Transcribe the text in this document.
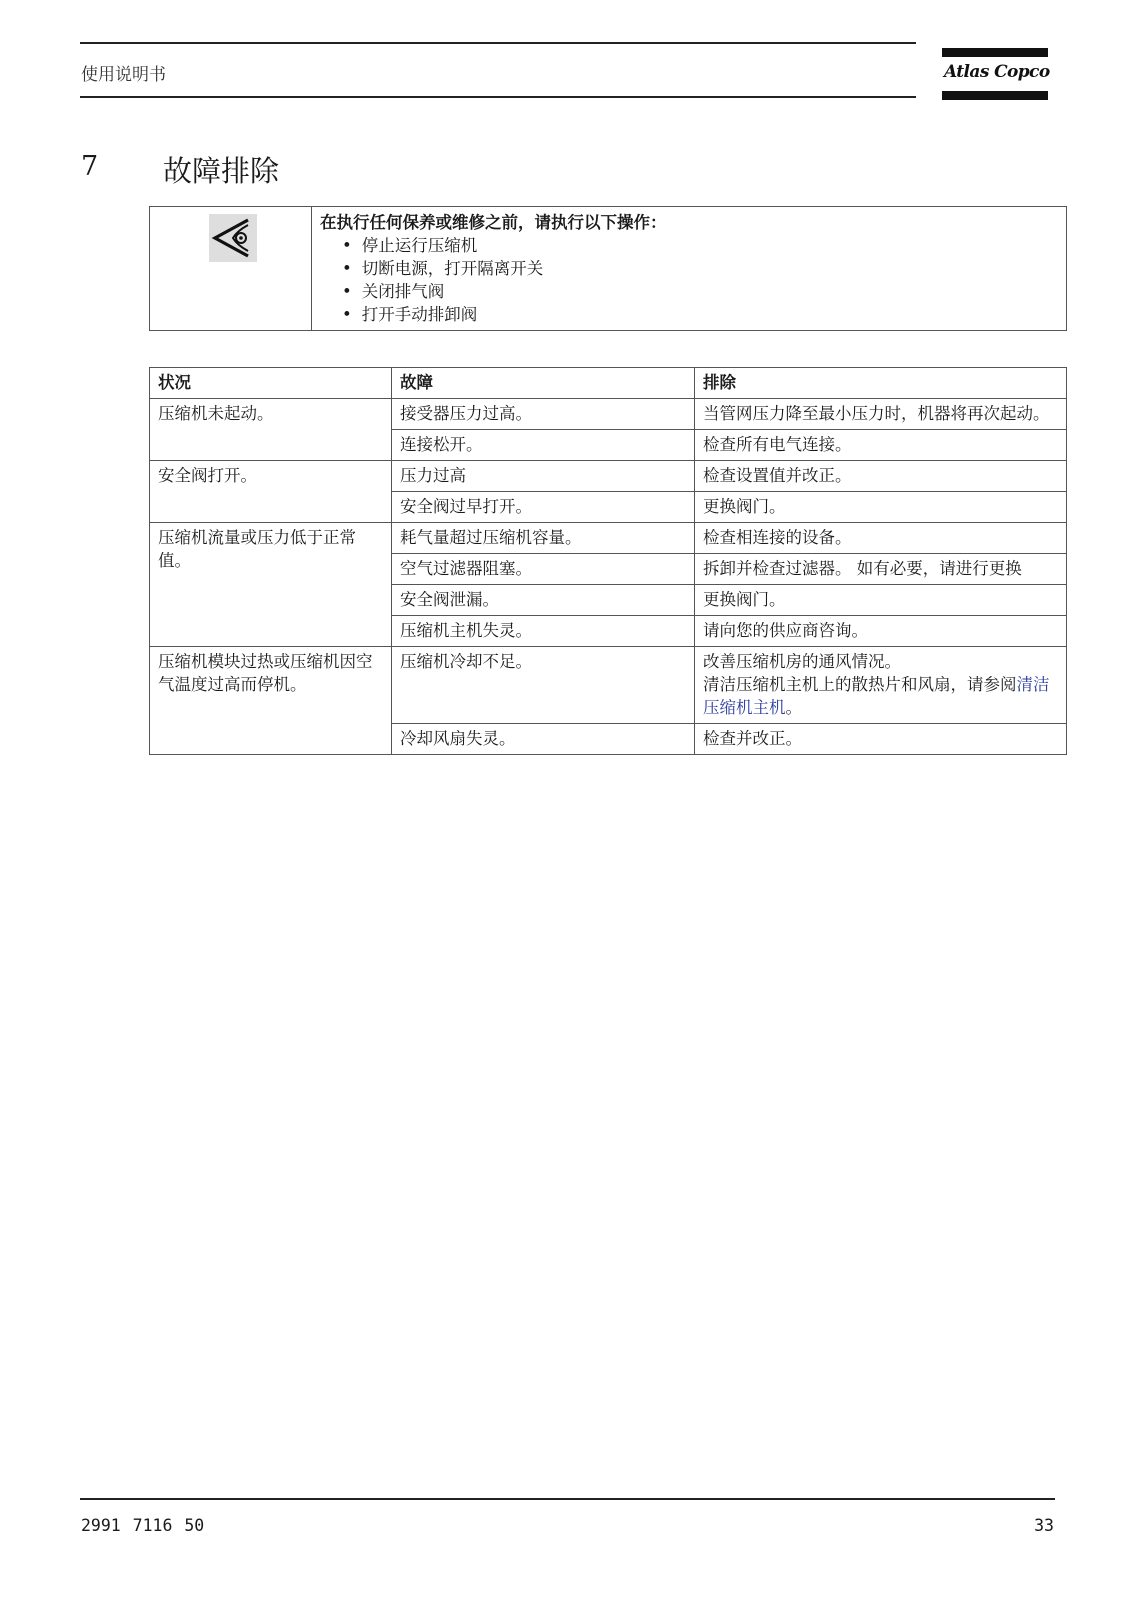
使用说明书	Atlas Copco
7 故障排除

在执行任何保养或维修之前，请执行以下操作：
• 停止运行压缩机
• 切断电源，打开隔离开关
• 关闭排气阀
• 打开手动排卸阀
状况	故障	排除
压缩机未起动。	接受器压力过高。	当管网压力降至最小压力时，机器将再次起动。
	连接松开。	检查所有电气连接。
安全阀打开。	压力过高	检查设置值并改正。
	安全阀过早打开。	更换阀门。
压缩机流量或压力低于正常值。	耗气量超过压缩机容量。	检查相连接的设备。
	空气过滤器阻塞。	拆卸并检查过滤器。 如有必要，请进行更换
	安全阀泄漏。	更换阀门。
	压缩机主机失灵。	请向您的供应商咨询。
压缩机模块过热或压缩机因空气温度过高而停机。	压缩机冷却不足。	改善压缩机房的通风情况。
清洁压缩机主机上的散热片和风扇，请参阅清洁压缩机主机。

	冷却风扇失灵。	检查并改正。
2991 7116 50	33
